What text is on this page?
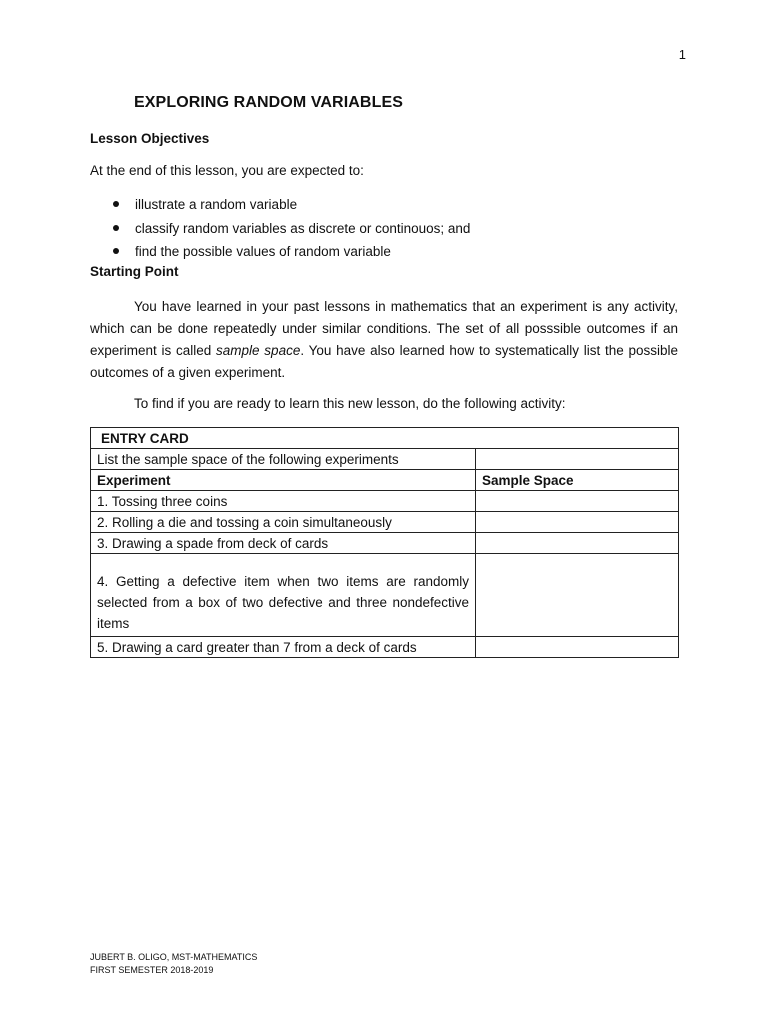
1
EXPLORING RANDOM VARIABLES
Lesson Objectives
At the end of this lesson, you are expected to:
illustrate a random variable
classify random variables as discrete or continouos; and
find the possible values of random variable
Starting Point

You have learned in your past lessons in mathematics that an experiment is any activity, which can be done repeatedly under similar conditions. The set of all posssible outcomes if an experiment is called sample space. You have also learned how to systematically list the possible outcomes of a given experiment.

To find if you are ready to learn this new lesson, do the following activity:
ENTRY CARD	
List the sample space of the following experiments	
Experiment	Sample Space
1. Tossing three coins	
2. Rolling a die and tossing a coin simultaneously	
3. Drawing a spade from deck of cards	
4. Getting a defective item when two items are randomly selected from a box of two defective and three nondefective items	
5. Drawing a card greater than 7 from a deck of cards	
JUBERT B. OLIGO, MST-MATHEMATICS
FIRST SEMESTER 2018-2019
